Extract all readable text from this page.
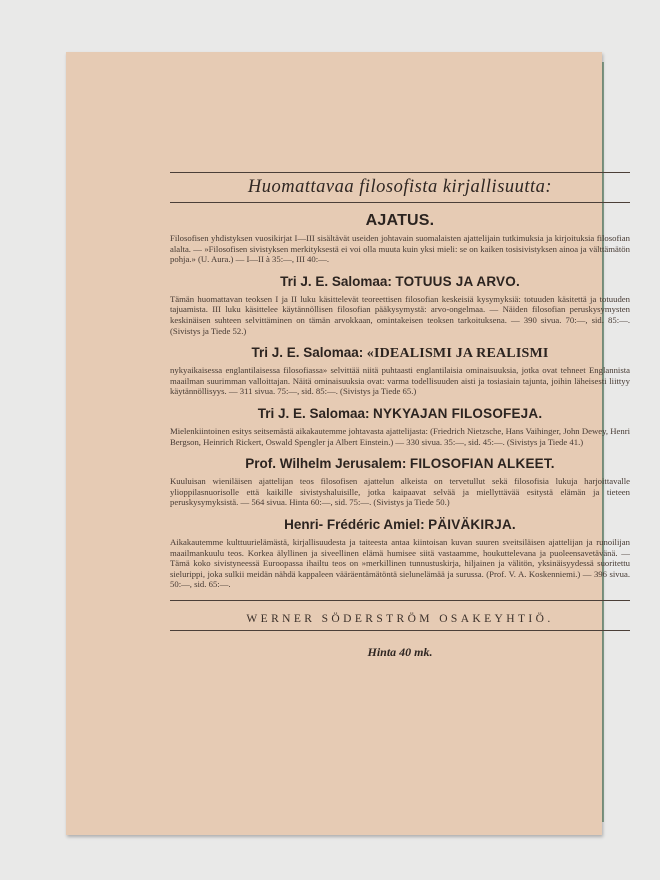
Huomattavaa filosofista kirjallisuutta:
AJATUS.

Filosofisen yhdistyksen vuosikirjat I—III sisältävät useiden johtavain suomalaisten ajattelijain tutkimuksia ja kirjoituksia filosofian alalta. — »Filosofisen sivistyksen merkityksestä ei voi olla muuta kuin yksi mieli: se on kaiken tosisivistyksen ainoa ja välttämätön pohja.» (U. Aura.) — I—II à 35:—, III 40:—.

Tri J. E. Salomaa: TOTUUS JA ARVO.

Tämän huomattavan teoksen I ja II luku käsittelevät teoreettisen filosofian keskeisiä kysymyksiä: totuuden käsitettä ja totuuden tajuamista. III luku käsittelee käytännöllisen filosofian pääkysymystä: arvo-ongelmaa. — Näiden filosofian peruskysymysten keskinäisen suhteen selvittäminen on tämän arvokkaan, omintakeisen teoksen tarkoituksena. — 390 sivua. 70:—, sid. 85:—. (Sivistys ja Tiede 52.)

Tri J. E. Salomaa: «IDEALISMI JA REALISMI

nykyaikaisessa englantilaisessa filosofiassa» selvittää niitä puhtaasti englantilaisia ominaisuuksia, jotka ovat tehneet Englannista maailman suurimman valloittajan. Näitä ominaisuuksia ovat: varma todellisuuden aisti ja tosiasiain tajunta, joihin läheisesti liittyy käytännöllisyys. — 311 sivua. 75:—, sid. 85:—. (Sivistys ja Tiede 65.)

Tri J. E. Salomaa: NYKYAJAN FILOSOFEJA.

Mielenkiintoinen esitys seitsemästä aikakautemme johtavasta ajattelijasta: (Friedrich Nietzsche, Hans Vaihinger, John Dewey, Henri Bergson, Heinrich Rickert, Oswald Spengler ja Albert Einstein.) — 330 sivua. 35:—, sid. 45:—. (Sivistys ja Tiede 41.)

Prof. Wilhelm Jerusalem: FILOSOFIAN ALKEET.

Kuuluisan wieniläisen ajattelijan teos filosofisen ajattelun alkeista on tervetullut sekä filosofisia lukuja harjoittavalle ylioppilasnuorisolle että kaikille sivistyshaluisille, jotka kaipaavat selvää ja miellyttävää esitystä elämän ja tieteen peruskysymyksistä. — 564 sivua. Hinta 60:—, sid. 75:—. (Sivistys ja Tiede 50.)

Henri- Frédéric Amiel: PÄIVÄKIRJA.

Aikakautemme kulttuurielämästä, kirjallisuudesta ja taiteesta antaa kiintoisan kuvan suuren sveitsiläisen ajattelijan ja runoilijan maailmankuulu teos. Korkea älyllinen ja siveellinen elämä humisee siitä vastaamme, houkuttelevana ja puoleensavetävänä. — Tämä koko sivistyneessä Euroopassa ihailtu teos on »merkillinen tunnustuskirja, hiljainen ja välitön, yksinäisyydessä suoritettu sielurippi, joka sulkii meidän nähdä kappaleen vääräentämätöntä sielunelämää ja surussa. (Prof. V. A. Koskenniemi.) — 396 sivua. 50:—, sid. 65:—.

WERNER SÖDERSTRÖM OSAKEYHTIÖ.
Hinta 40 mk.
